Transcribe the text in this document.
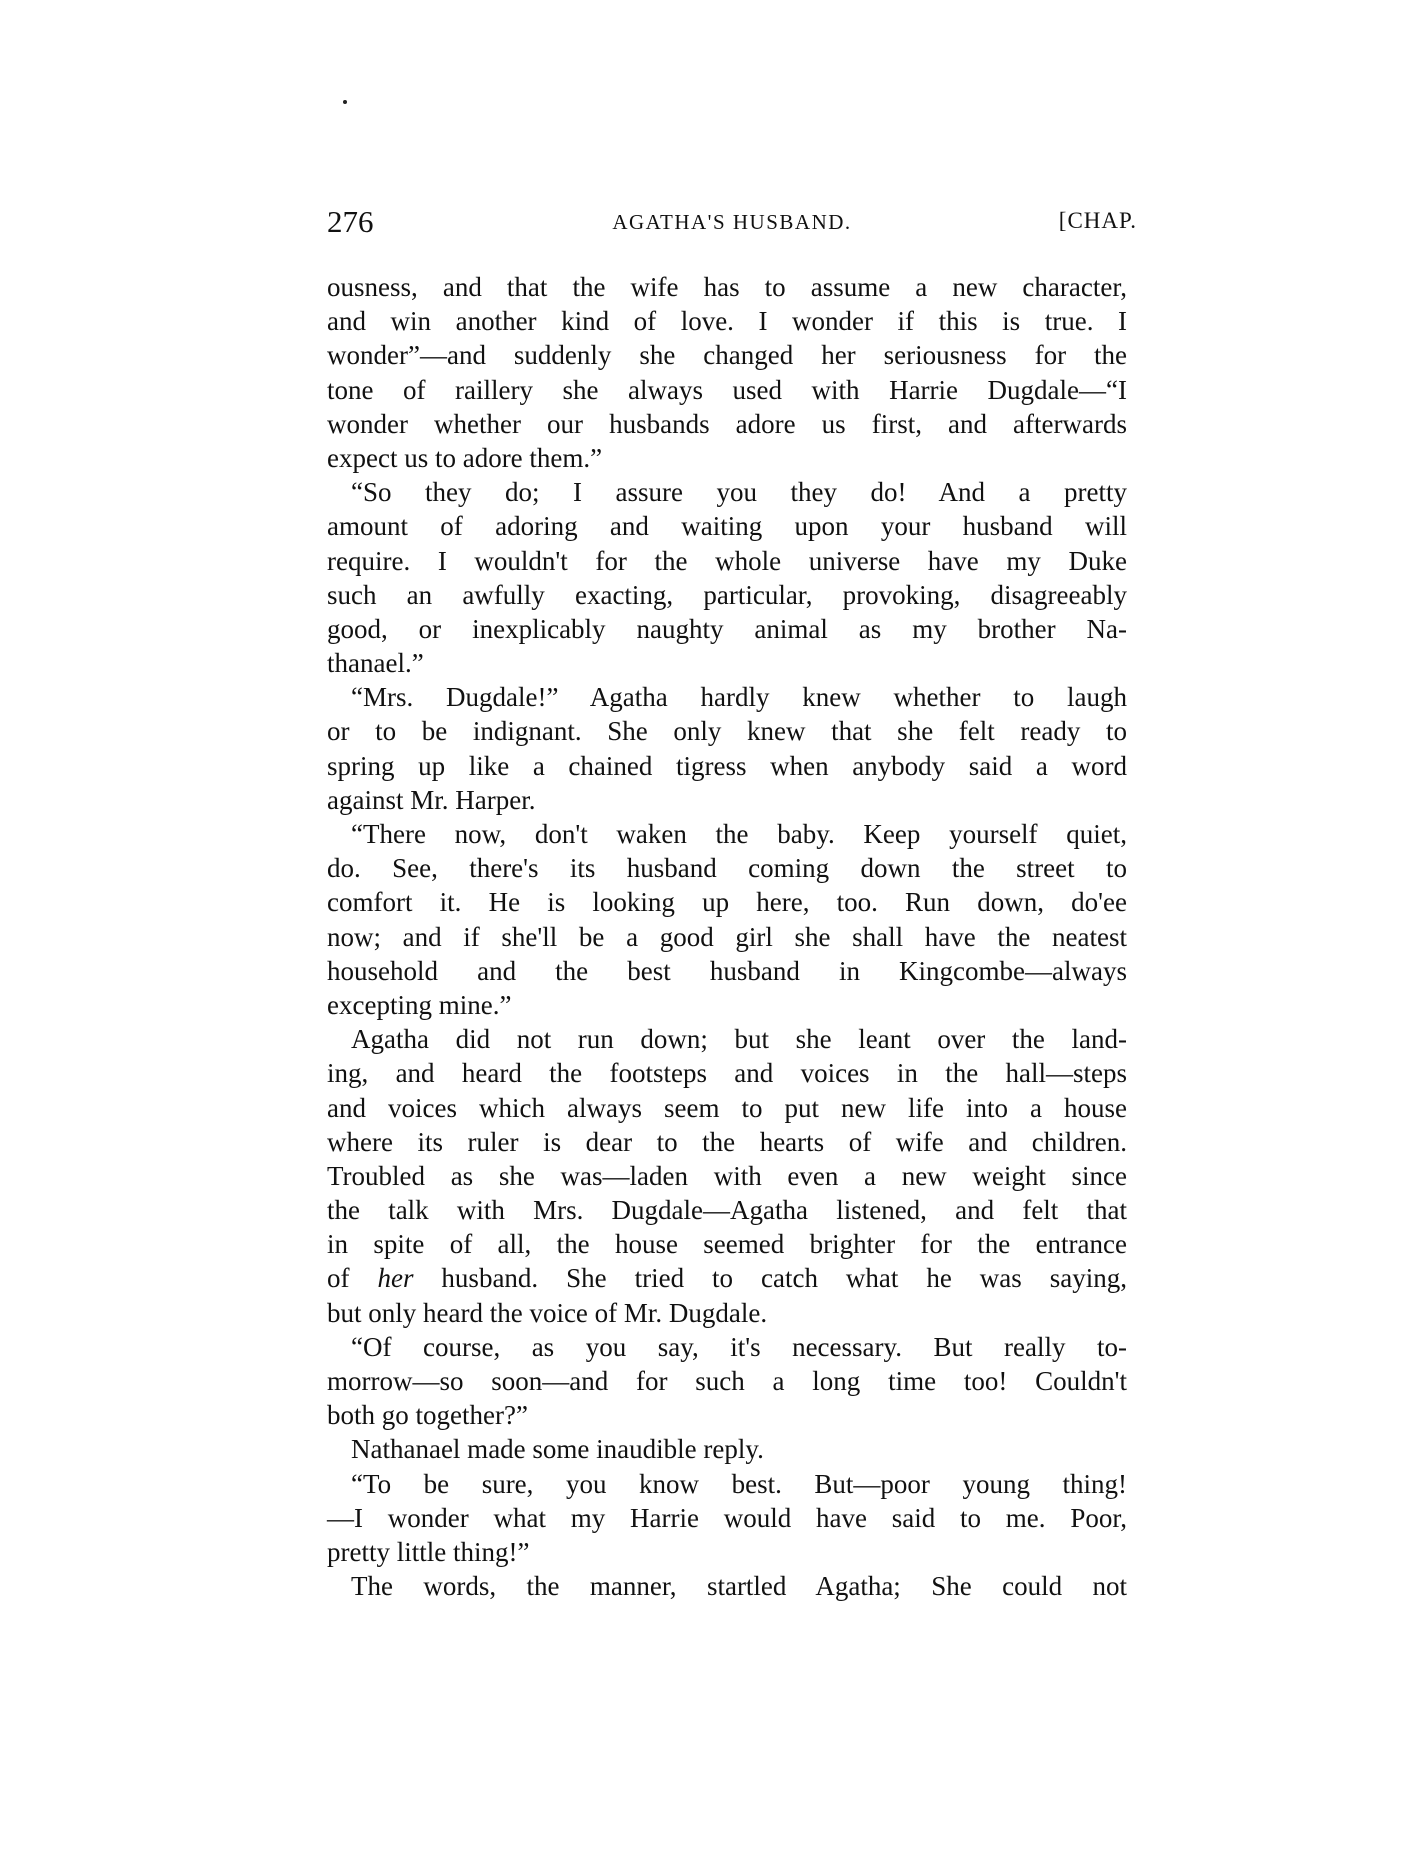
276	AGATHA'S HUSBAND.	[CHAP.
ousness, and that the wife has to assume a new character,
and win another kind of love. I wonder if this is true. I
wonder”—and suddenly she changed her seriousness for the
tone of raillery she always used with Harrie Dugdale—“I
wonder whether our husbands adore us first, and afterwards
expect us to adore them.”
“So they do; I assure you they do! And a pretty
amount of adoring and waiting upon your husband will
require. I wouldn't for the whole universe have my Duke
such an awfully exacting, particular, provoking, disagreeably
good, or inexplicably naughty animal as my brother Na-
thanael.”
“Mrs. Dugdale!” Agatha hardly knew whether to laugh
or to be indignant. She only knew that she felt ready to
spring up like a chained tigress when anybody said a word
against Mr. Harper.
“There now, don't waken the baby. Keep yourself quiet,
do. See, there's its husband coming down the street to
comfort it. He is looking up here, too. Run down, do'ee
now; and if she'll be a good girl she shall have the neatest
household and the best husband in Kingcombe—always
excepting mine.”
Agatha did not run down; but she leant over the land-
ing, and heard the footsteps and voices in the hall—steps
and voices which always seem to put new life into a house
where its ruler is dear to the hearts of wife and children.
Troubled as she was—laden with even a new weight since
the talk with Mrs. Dugdale—Agatha listened, and felt that
in spite of all, the house seemed brighter for the entrance
of her husband. She tried to catch what he was saying,
but only heard the voice of Mr. Dugdale.
“Of course, as you say, it's necessary. But really to-
morrow—so soon—and for such a long time too! Couldn't
both go together?”
Nathanael made some inaudible reply.
“To be sure, you know best. But—poor young thing!
—I wonder what my Harrie would have said to me. Poor,
pretty little thing!”
The words, the manner, startled Agatha; She could not
